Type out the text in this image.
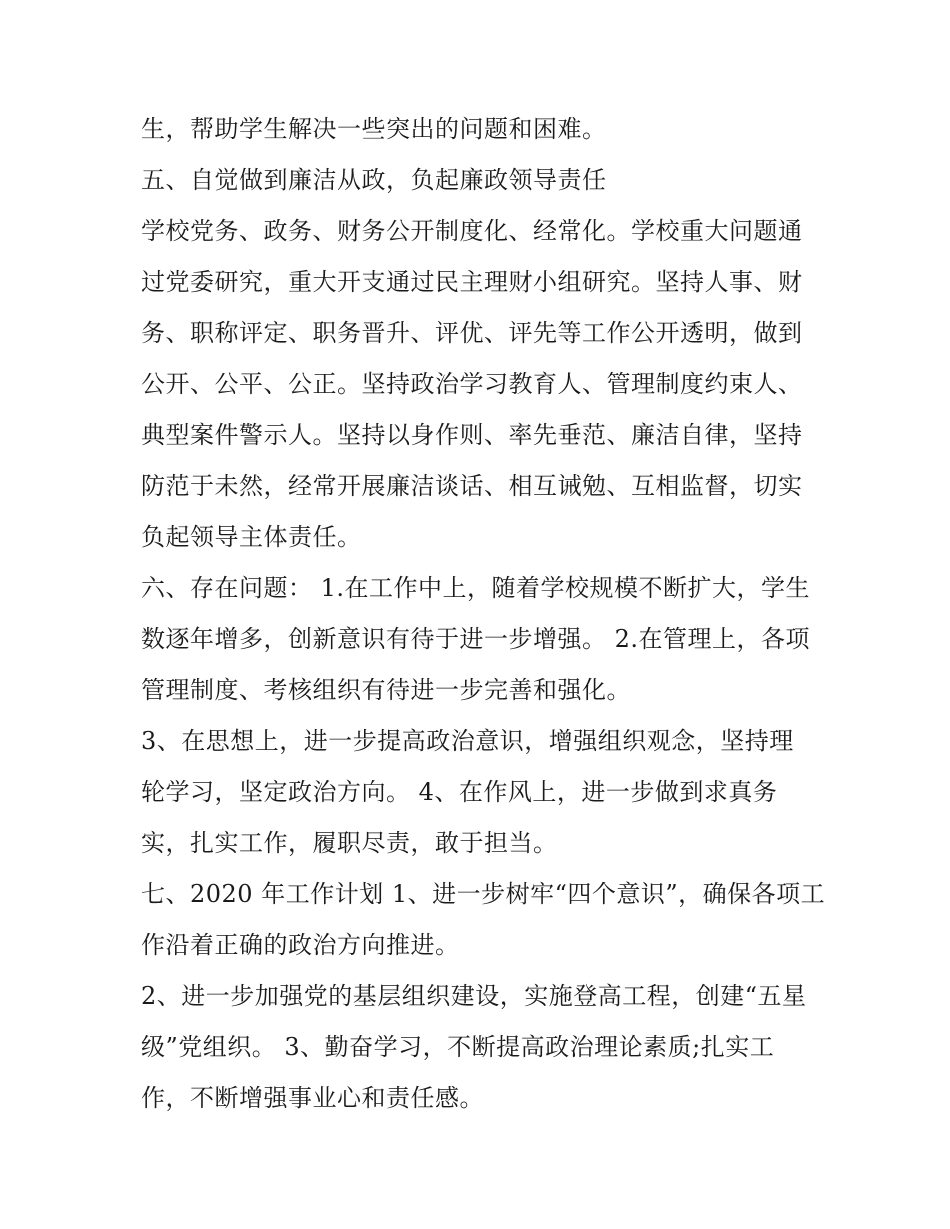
生，帮助学生解决一些突出的问题和困难。
五、自觉做到廉洁从政，负起廉政领导责任
学校党务、政务、财务公开制度化、经常化。学校重大问题通
过党委研究，重大开支通过民主理财小组研究。坚持人事、财
务、职称评定、职务晋升、评优、评先等工作公开透明，做到
公开、公平、公正。坚持政治学习教育人、管理制度约束人、
典型案件警示人。坚持以身作则、率先垂范、廉洁自律，坚持
防范于未然，经常开展廉洁谈话、相互诫勉、互相监督，切实
负起领导主体责任。
六、存在问题： 1.在工作中上，随着学校规模不断扩大，学生
数逐年增多，创新意识有待于进一步增强。 2.在管理上，各项
管理制度、考核组织有待进一步完善和强化。
3、在思想上，进一步提高政治意识，增强组织观念，坚持理
轮学习，坚定政治方向。 4、在作风上，进一步做到求真务
实，扎实工作，履职尽责，敢于担当。
七、2020 年工作计划 1、进一步树牢“四个意识”，确保各项工
作沿着正确的政治方向推进。
2、进一步加强党的基层组织建设，实施登高工程，创建“五星
级”党组织。 3、勤奋学习，不断提高政治理论素质;扎实工
作，不断增强事业心和责任感。
